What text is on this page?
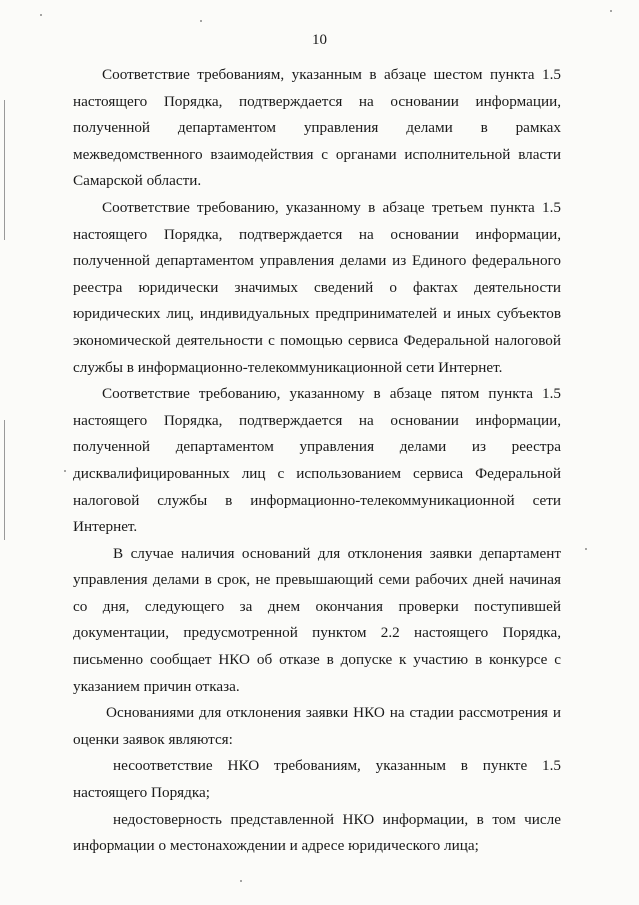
10

Соответствие требованиям, указанным в абзаце шестом пункта 1.5 настоящего Порядка, подтверждается на основании информации, полученной департаментом управления делами в рамках межведомственного взаимодействия с органами исполнительной власти Самарской области.

Соответствие требованию, указанному в абзаце третьем пункта 1.5 настоящего Порядка, подтверждается на основании информации, полученной департаментом управления делами из Единого федерального реестра юридически значимых сведений о фактах деятельности юридических лиц, индивидуальных предпринимателей и иных субъектов экономической деятельности с помощью сервиса Федеральной налоговой службы в информационно-телекоммуникационной сети Интернет.

Соответствие требованию, указанному в абзаце пятом пункта 1.5 настоящего Порядка, подтверждается на основании информации, полученной департаментом управления делами из реестра дисквалифицированных лиц с использованием сервиса Федеральной налоговой службы в информационно-телекоммуникационной сети Интернет.

В случае наличия оснований для отклонения заявки департамент управления делами в срок, не превышающий семи рабочих дней начиная со дня, следующего за днем окончания проверки поступившей документации, предусмотренной пунктом 2.2 настоящего Порядка, письменно сообщает НКО об отказе в допуске к участию в конкурсе с указанием причин отказа.

Основаниями для отклонения заявки НКО на стадии рассмотрения и оценки заявок являются:

несоответствие НКО требованиям, указанным в пункте 1.5 настоящего Порядка;

недостоверность представленной НКО информации, в том числе информации о местонахождении и адресе юридического лица;
